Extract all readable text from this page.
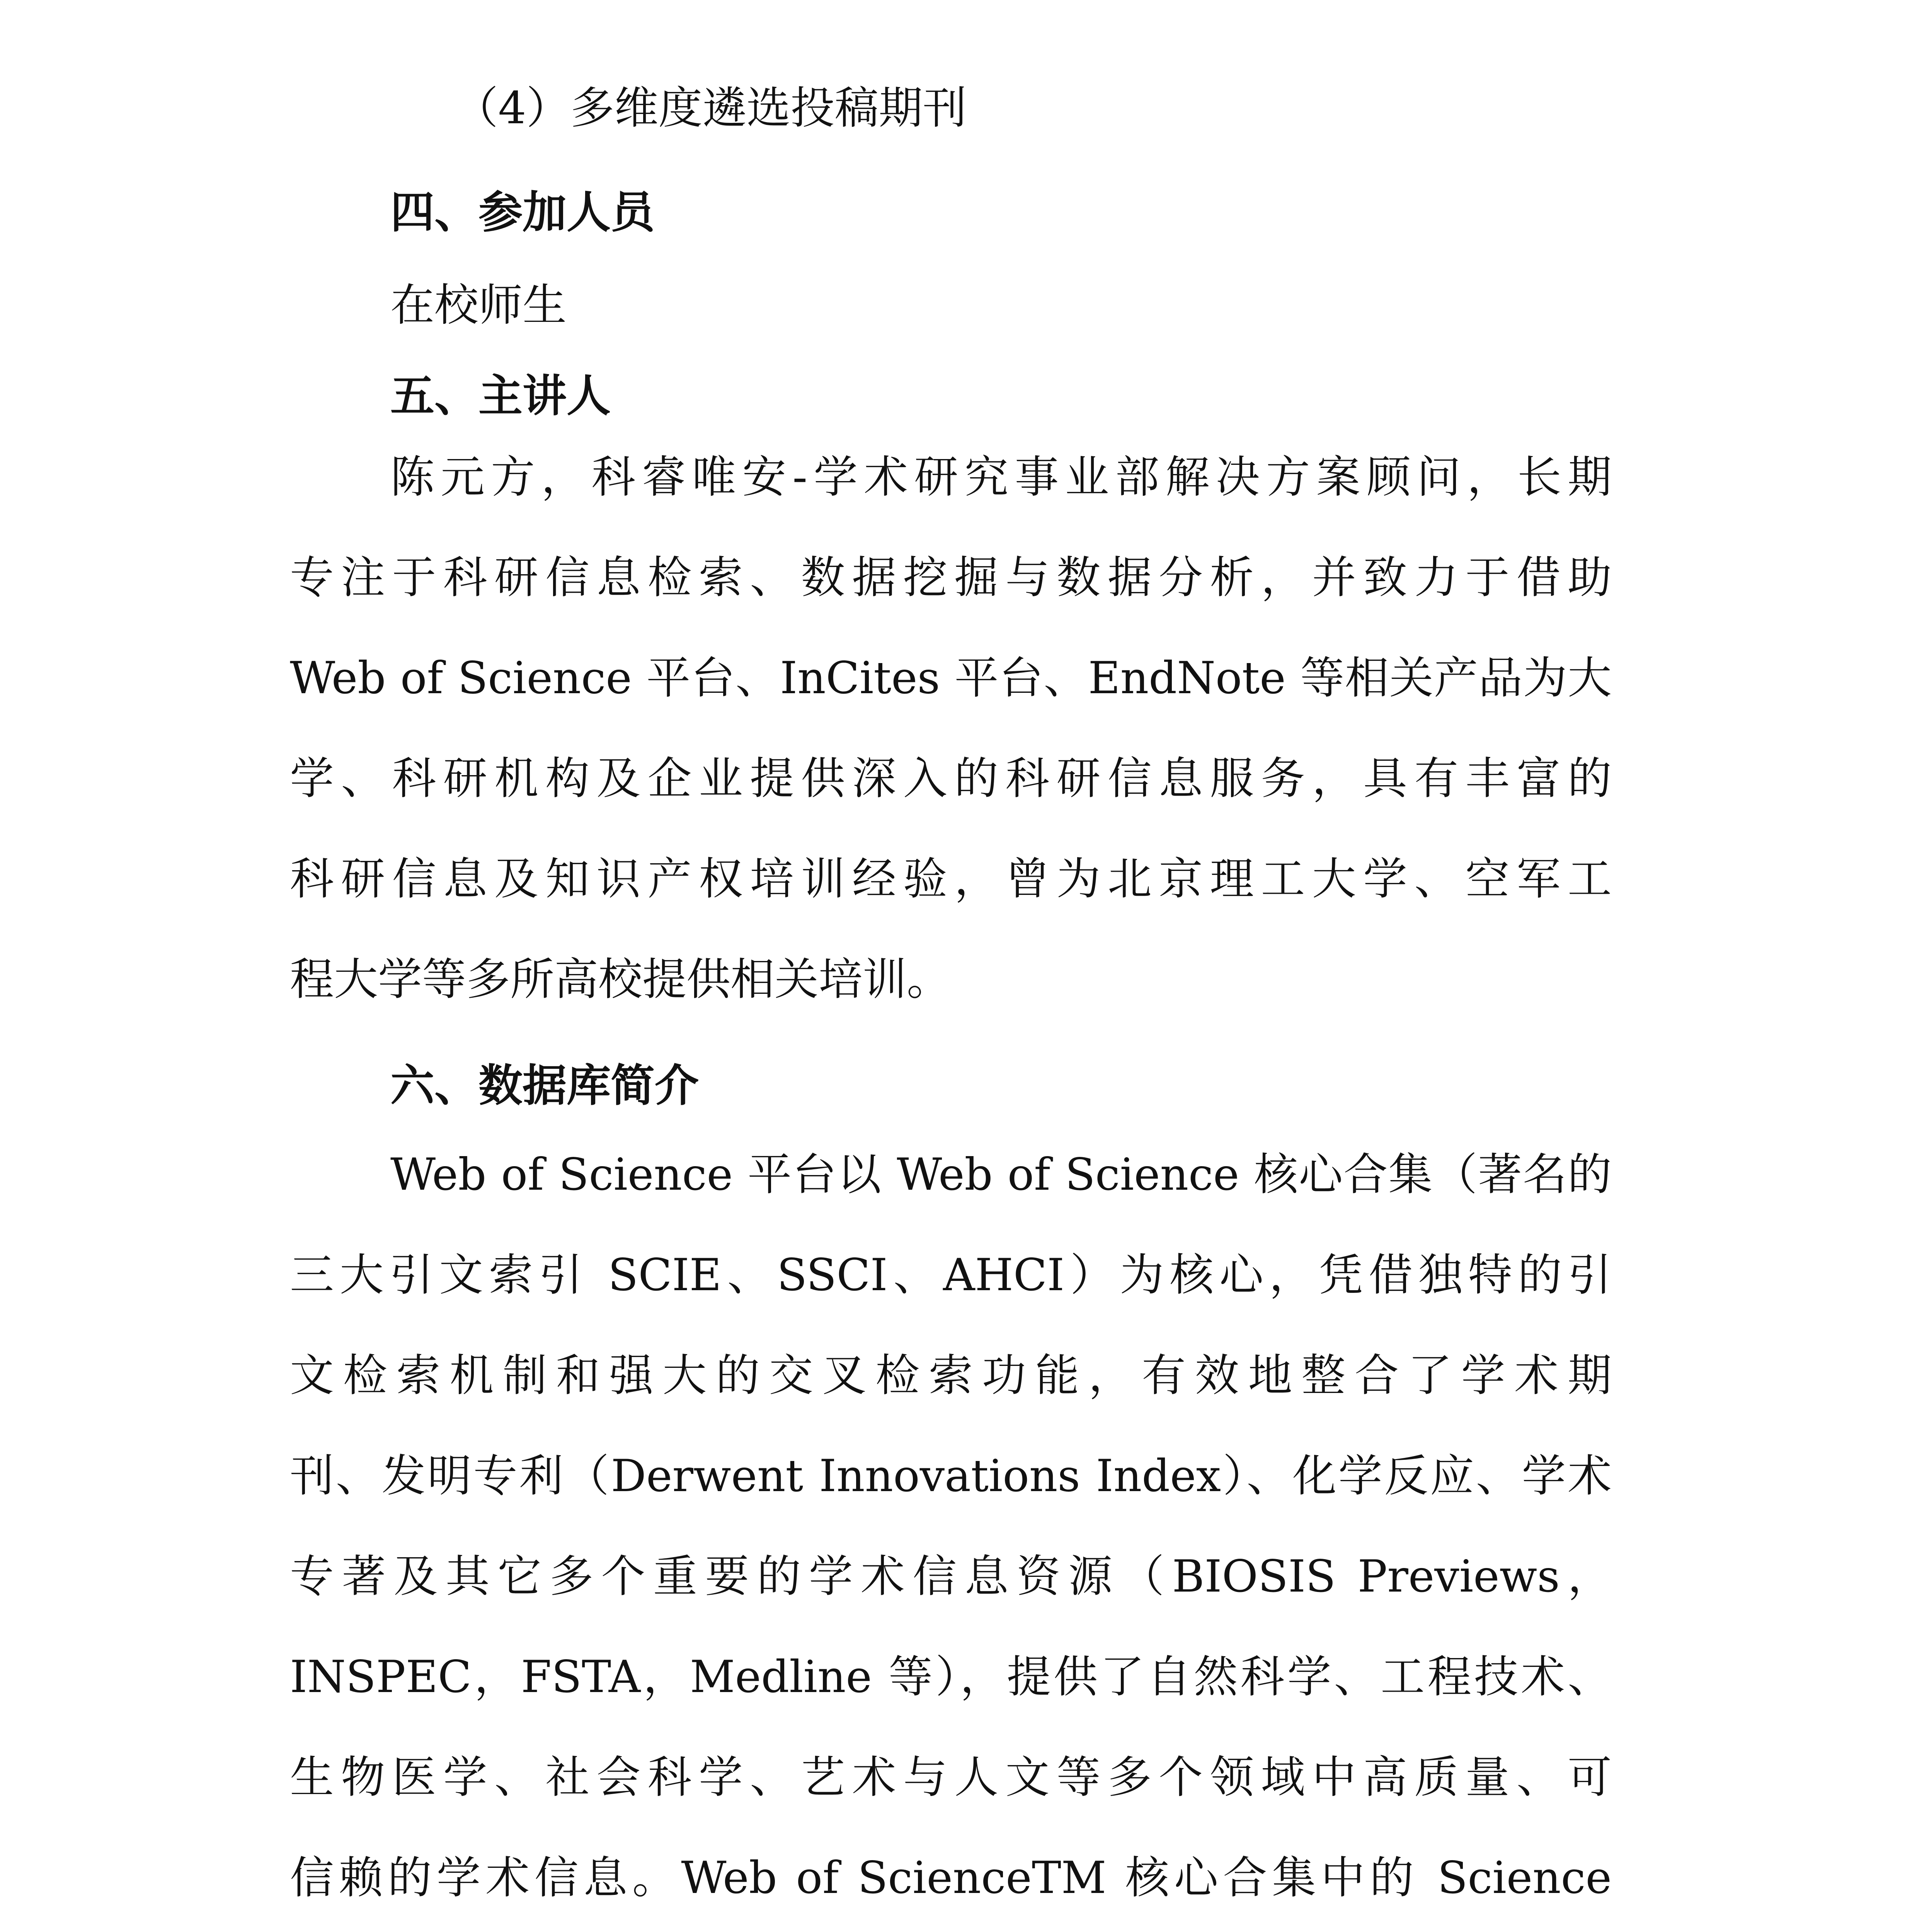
（4）多维度遴选投稿期刊
四、参加人员
在校师生
五、主讲人
陈元方，科睿唯安-学术研究事业部解决方案顾问，长期
专注于科研信息检索、数据挖掘与数据分析，并致力于借助
Web of Science 平台、InCites 平台、EndNote 等相关产品为大
学、科研机构及企业提供深入的科研信息服务，具有丰富的
科研信息及知识产权培训经验，曾为北京理工大学、空军工
程大学等多所高校提供相关培训。
六、数据库简介
Web of Science 平台以 Web of Science 核心合集（著名的
三大引文索引 SCIE、SSCI、AHCI）为核心，凭借独特的引
文检索机制和强大的交叉检索功能，有效地整合了学术期
刊、发明专利（Derwent Innovations Index）、化学反应、学术
专著及其它多个重要的学术信息资源（BIOSIS Previews，
INSPEC，FSTA，Medline 等），提供了自然科学、工程技术、
生物医学、社会科学、艺术与人文等多个领域中高质量、可
信赖的学术信息。Web of ScienceTM 核心合集中的 Science
